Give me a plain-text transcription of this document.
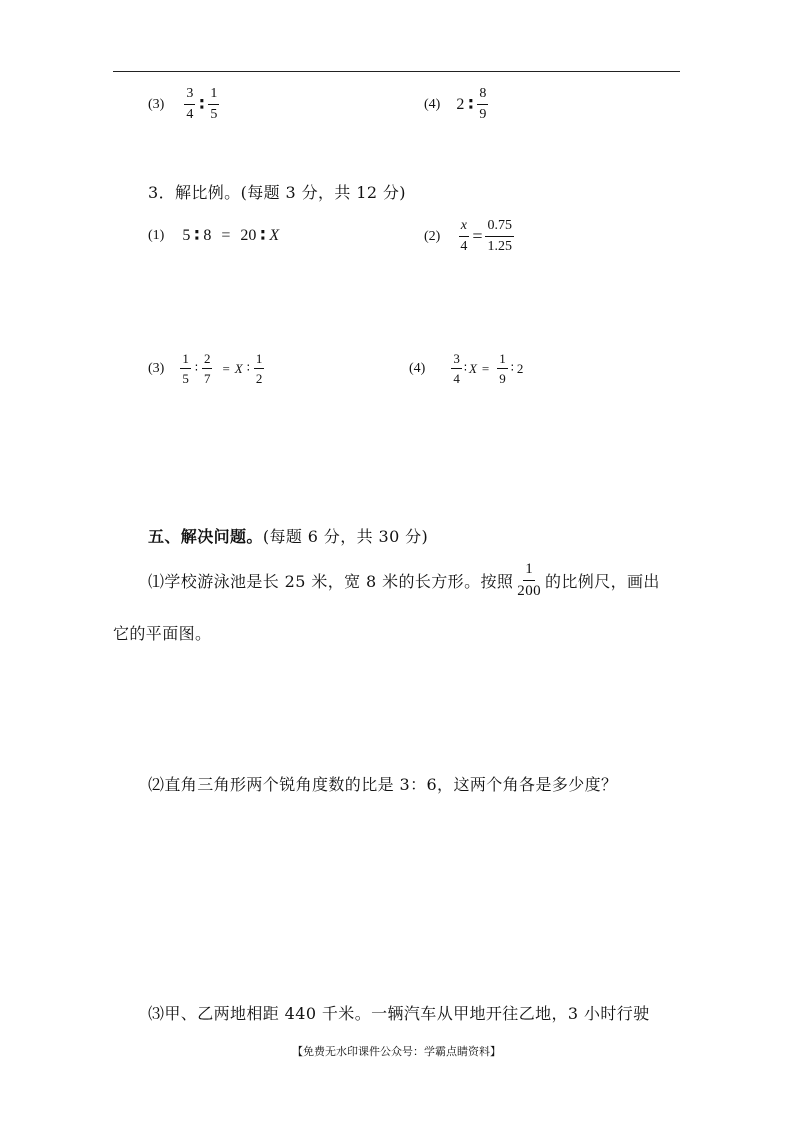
$(3) \frac{3}{4}$ ∶ $\frac{1}{5}$	(4) 2 ∶ $\frac{8}{9}$
3．解比例。(每题 3 分，共 12 分)
(1) 5 ∶ 8 = 20 ∶ X	$(2) \frac{x}{4} = \frac{0.75}{1.25}$
$(3) \frac{1}{5}$ ∶ $\frac{2}{7} = X$ ∶ $\frac{1}{2}$	$(4) \frac{3}{4}$ ∶ $X = \frac{1}{9}$ ∶ 2
五、解决问题。(每题 6 分，共 30 分)
⑴学校游泳池是长 25 米，宽 8 米的长方形。按照 $\frac{1}{200}$ 的比例尺，画出
它的平面图。
⑵直角三角形两个锐角度数的比是 3：6，这两个角各是多少度？
⑶甲、乙两地相距 440 千米。一辆汽车从甲地开往乙地，3 小时行驶
【免费无水印课件公众号：学霸点睛资料】
